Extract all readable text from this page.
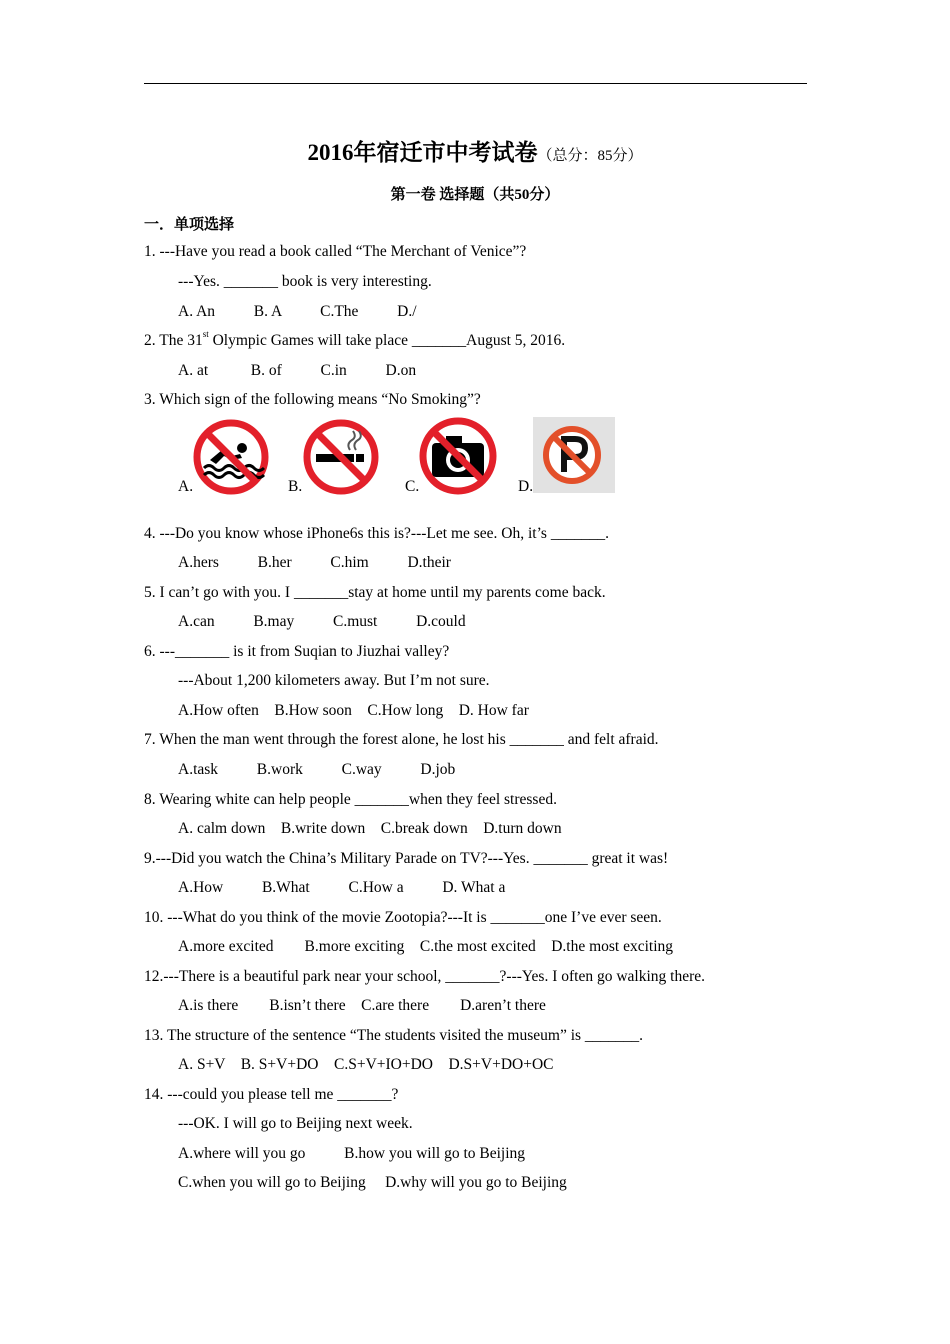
2016年宿迁市中考试卷（总分：85分）
第一卷 选择题（共50分）
一．单项选择
1. ---Have you read a book called “The Merchant of Venice”?
---Yes. _______ book is very interesting.
A. An          B. A          C.The          D./
2. The 31st Olympic Games will take place _______August 5, 2016.
A. at           B. of          C.in          D.on
3. Which sign of the following means “No Smoking”?
A.	B.	C.	D.
4. ---Do you know whose iPhone6s this is?---Let me see. Oh, it’s _______.
A.hers          B.her          C.him          D.their
5. I can’t go with you. I _______stay at home until my parents come back.
A.can          B.may          C.must          D.could
6. ---_______ is it from Suqian to Jiuzhai valley?
---About 1,200 kilometers away. But I’m not sure.
A.How often    B.How soon    C.How long    D. How far
7. When the man went through the forest alone, he lost his _______ and felt afraid.
A.task          B.work          C.way          D.job
8. Wearing white can help people _______when they feel stressed.
A. calm down    B.write down    C.break down    D.turn down
9.---Did you watch the China’s Military Parade on TV?---Yes. _______ great it was!
A.How          B.What          C.How a          D. What a
10. ---What do you think of the movie Zootopia?---It is _______one I’ve ever seen.
A.more excited        B.more exciting    C.the most excited    D.the most exciting
12.---There is a beautiful park near your school, _______?---Yes. I often go walking there.
A.is there        B.isn’t there    C.are there        D.aren’t there
13. The structure of the sentence “The students visited the museum” is _______.
A. S+V    B. S+V+DO    C.S+V+IO+DO    D.S+V+DO+OC
14. ---could you please tell me _______?
---OK. I will go to Beijing next week.
A.where will you go          B.how you will go to Beijing
C.when you will go to Beijing     D.why will you go to Beijing
